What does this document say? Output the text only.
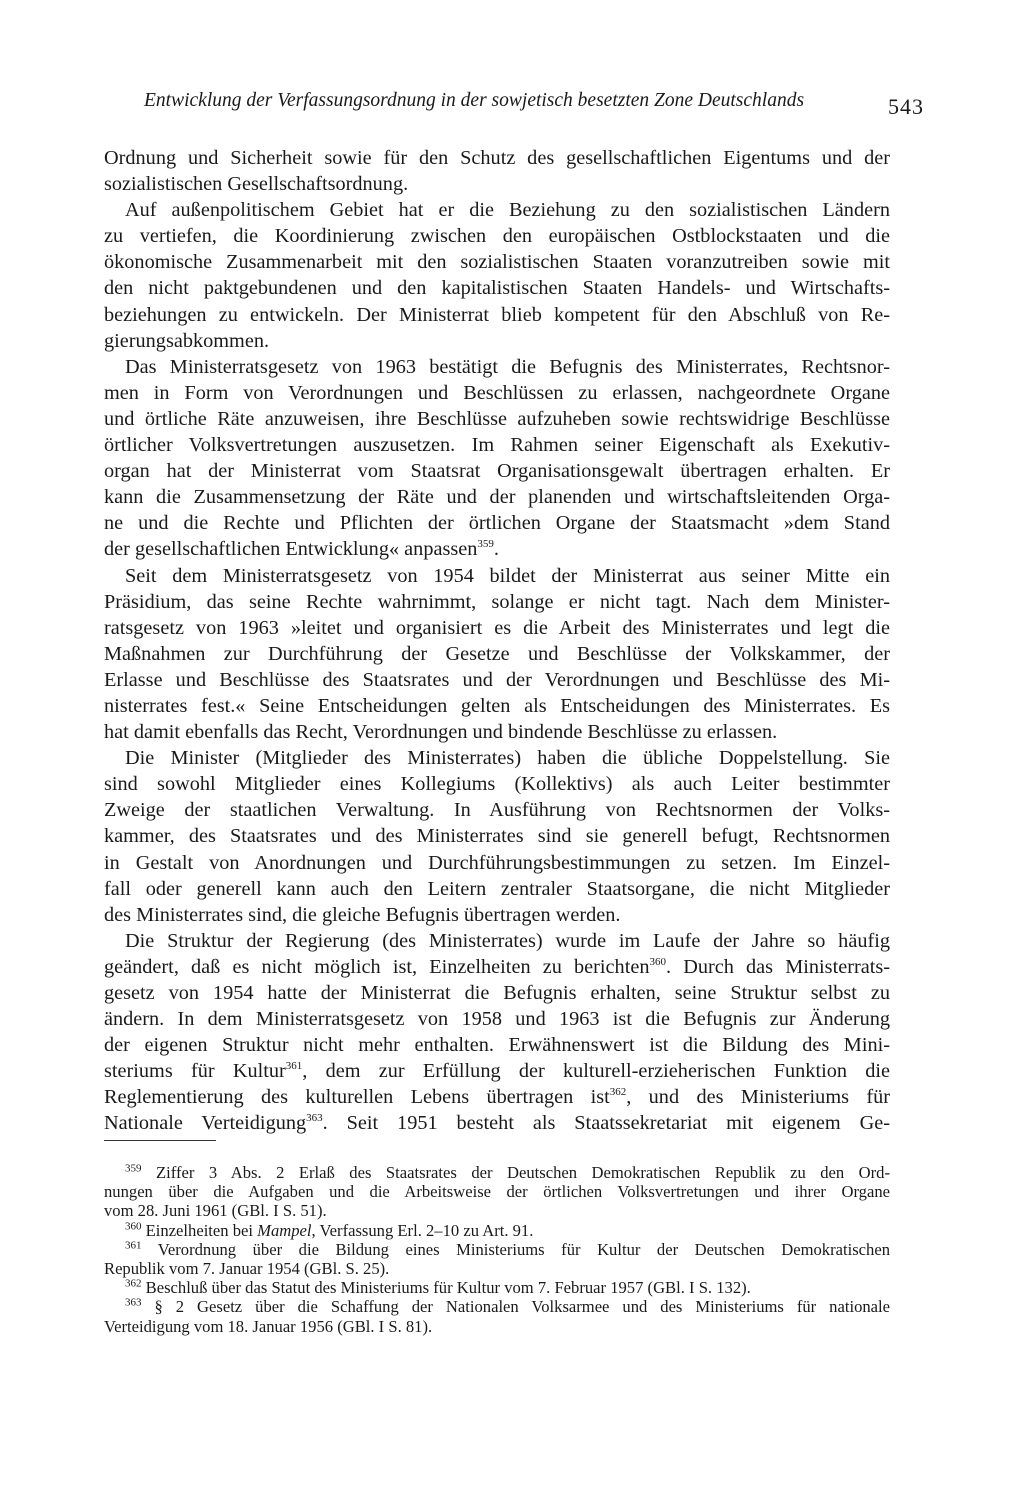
Entwicklung der Verfassungsordnung in der sowjetisch besetzten Zone Deutschlands	543
Ordnung und Sicherheit sowie für den Schutz des gesellschaftlichen Eigentums und der
sozialistischen Gesellschaftsordnung.
Auf außenpolitischem Gebiet hat er die Beziehung zu den sozialistischen Ländern
zu vertiefen, die Koordinierung zwischen den europäischen Ostblockstaaten und die
ökonomische Zusammenarbeit mit den sozialistischen Staaten voranzutreiben sowie mit
den nicht paktgebundenen und den kapitalistischen Staaten Handels- und Wirtschafts-
beziehungen zu entwickeln. Der Ministerrat blieb kompetent für den Abschluß von Re-
gierungsabkommen.
Das Ministerratsgesetz von 1963 bestätigt die Befugnis des Ministerrates, Rechtsnor-
men in Form von Verordnungen und Beschlüssen zu erlassen, nachgeordnete Organe
und örtliche Räte anzuweisen, ihre Beschlüsse aufzuheben sowie rechtswidrige Beschlüsse
örtlicher Volksvertretungen auszusetzen. Im Rahmen seiner Eigenschaft als Exekutiv-
organ hat der Ministerrat vom Staatsrat Organisationsgewalt übertragen erhalten. Er
kann die Zusammensetzung der Räte und der planenden und wirtschaftsleitenden Orga-
ne und die Rechte und Pflichten der örtlichen Organe der Staatsmacht »dem Stand
der gesellschaftlichen Entwicklung« anpassen$^{359}$.
Seit dem Ministerratsgesetz von 1954 bildet der Ministerrat aus seiner Mitte ein
Präsidium, das seine Rechte wahrnimmt, solange er nicht tagt. Nach dem Minister-
ratsgesetz von 1963 »leitet und organisiert es die Arbeit des Ministerrates und legt die
Maßnahmen zur Durchführung der Gesetze und Beschlüsse der Volkskammer, der
Erlasse und Beschlüsse des Staatsrates und der Verordnungen und Beschlüsse des Mi-
nisterrates fest.« Seine Entscheidungen gelten als Entscheidungen des Ministerrates. Es
hat damit ebenfalls das Recht, Verordnungen und bindende Beschlüsse zu erlassen.
Die Minister (Mitglieder des Ministerrates) haben die übliche Doppelstellung. Sie
sind sowohl Mitglieder eines Kollegiums (Kollektivs) als auch Leiter bestimmter
Zweige der staatlichen Verwaltung. In Ausführung von Rechtsnormen der Volks-
kammer, des Staatsrates und des Ministerrates sind sie generell befugt, Rechtsnormen
in Gestalt von Anordnungen und Durchführungsbestimmungen zu setzen. Im Einzel-
fall oder generell kann auch den Leitern zentraler Staatsorgane, die nicht Mitglieder
des Ministerrates sind, die gleiche Befugnis übertragen werden.
Die Struktur der Regierung (des Ministerrates) wurde im Laufe der Jahre so häufig
geändert, daß es nicht möglich ist, Einzelheiten zu berichten$^{360}$. Durch das Ministerrats-
gesetz von 1954 hatte der Ministerrat die Befugnis erhalten, seine Struktur selbst zu
ändern. In dem Ministerratsgesetz von 1958 und 1963 ist die Befugnis zur Änderung
der eigenen Struktur nicht mehr enthalten. Erwähnenswert ist die Bildung des Mini-
steriums für Kultur$^{361}$, dem zur Erfüllung der kulturell-erzieherischen Funktion die
Reglementierung des kulturellen Lebens übertragen ist$^{362}$, und des Ministeriums für
Nationale Verteidigung$^{363}$. Seit 1951 besteht als Staatssekretariat mit eigenem Ge-
$^{359}$ Ziffer 3 Abs. 2 Erlaß des Staatsrates der Deutschen Demokratischen Republik zu den Ord-
nungen über die Aufgaben und die Arbeitsweise der örtlichen Volksvertretungen und ihrer Organe
vom 28. Juni 1961 (GBl. I S. 51).
$^{360}$ Einzelheiten bei Mampel, Verfassung Erl. 2–10 zu Art. 91.
$^{361}$ Verordnung über die Bildung eines Ministeriums für Kultur der Deutschen Demokratischen
Republik vom 7. Januar 1954 (GBl. S. 25).
$^{362}$ Beschluß über das Statut des Ministeriums für Kultur vom 7. Februar 1957 (GBl. I S. 132).
$^{363}$ § 2 Gesetz über die Schaffung der Nationalen Volksarmee und des Ministeriums für nationale
Verteidigung vom 18. Januar 1956 (GBl. I S. 81).
